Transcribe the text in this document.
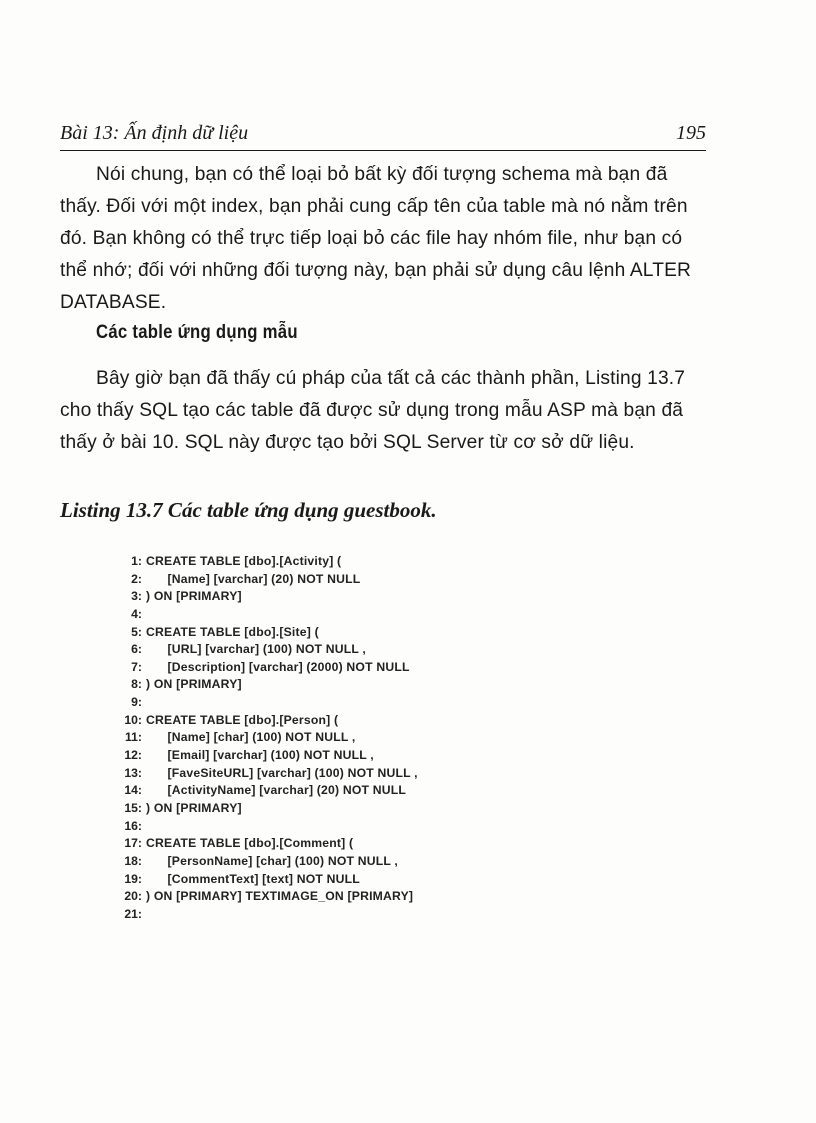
Bài 13: Ấn định dữ liệu	195

Nói chung, bạn có thể loại bỏ bất kỳ đối tượng schema mà bạn đã thấy. Đối với một index, bạn phải cung cấp tên của table mà nó nằm trên đó. Bạn không có thể trực tiếp loại bỏ các file hay nhóm file, như bạn có thể nhớ; đối với những đối tượng này, bạn phải sử dụng câu lệnh ALTER DATABASE.

Các table ứng dụng mẫu

Bây giờ bạn đã thấy cú pháp của tất cả các thành phần, Listing 13.7 cho thấy SQL tạo các table đã được sử dụng trong mẫu ASP mà bạn đã thấy ở bài 10. SQL này được tạo bởi SQL Server từ cơ sở dữ liệu.

Listing 13.7 Các table ứng dụng guestbook.

1: CREATE TABLE [dbo].[Activity] (
2: [Name] [varchar] (20) NOT NULL
3: ) ON [PRIMARY]
4:
5: CREATE TABLE [dbo].[Site] (
6: [URL] [varchar] (100) NOT NULL ,
7: [Description] [varchar] (2000) NOT NULL
8: ) ON [PRIMARY]
9:
10: CREATE TABLE [dbo].[Person] (
11: [Name] [char] (100) NOT NULL ,
12: [Email] [varchar] (100) NOT NULL ,
13: [FaveSiteURL] [varchar] (100) NOT NULL ,
14: [ActivityName] [varchar] (20) NOT NULL
15: ) ON [PRIMARY]
16:
17: CREATE TABLE [dbo].[Comment] (
18: [PersonName] [char] (100) NOT NULL ,
19: [CommentText] [text] NOT NULL
20: ) ON [PRIMARY] TEXTIMAGE_ON [PRIMARY]
21:
